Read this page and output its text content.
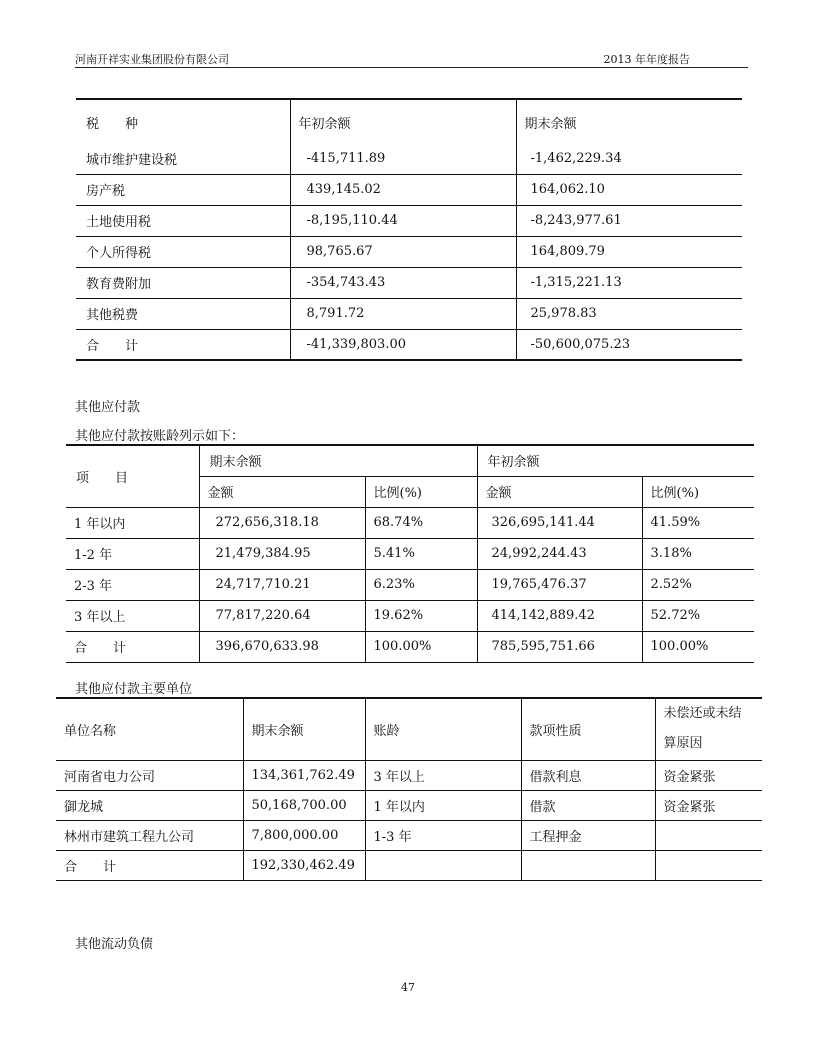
河南开祥实业集团股份有限公司	2013 年年度报告
税　　种	年初余额	期末余额
城市维护建设税	-415,711.89	-1,462,229.34
房产税	439,145.02	164,062.10
土地使用税	-8,195,110.44	-8,243,977.61
个人所得税	98,765.67	164,809.79
教育费附加	-354,743.43	-1,315,221.13
其他税费	8,791.72	25,978.83
合　　计	-41,339,803.00	-50,600,075.23
其他应付款
其他应付款按账龄列示如下：
项　　目	期末余额		年初余额	
	金额	比例(%)	金额	比例(%)
1 年以内	272,656,318.18	68.74%	326,695,141.44	41.59%
1-2 年	21,479,384.95	5.41%	24,992,244.43	3.18%
2-3 年	24,717,710.21	6.23%	19,765,476.37	2.52%
3 年以上	77,817,220.64	19.62%	414,142,889.42	52.72%
合　　计	396,670,633.98	100.00%	785,595,751.66	100.00%
其他应付款主要单位
单位名称	期末余额	账龄	款项性质	未偿还或未结
算原因

河南省电力公司	134,361,762.49	3 年以上	借款利息	资金紧张
御龙城	50,168,700.00	1 年以内	借款	资金紧张
林州市建筑工程九公司	7,800,000.00	1-3 年	工程押金	
合　　计	192,330,462.49			
其他流动负债
47
